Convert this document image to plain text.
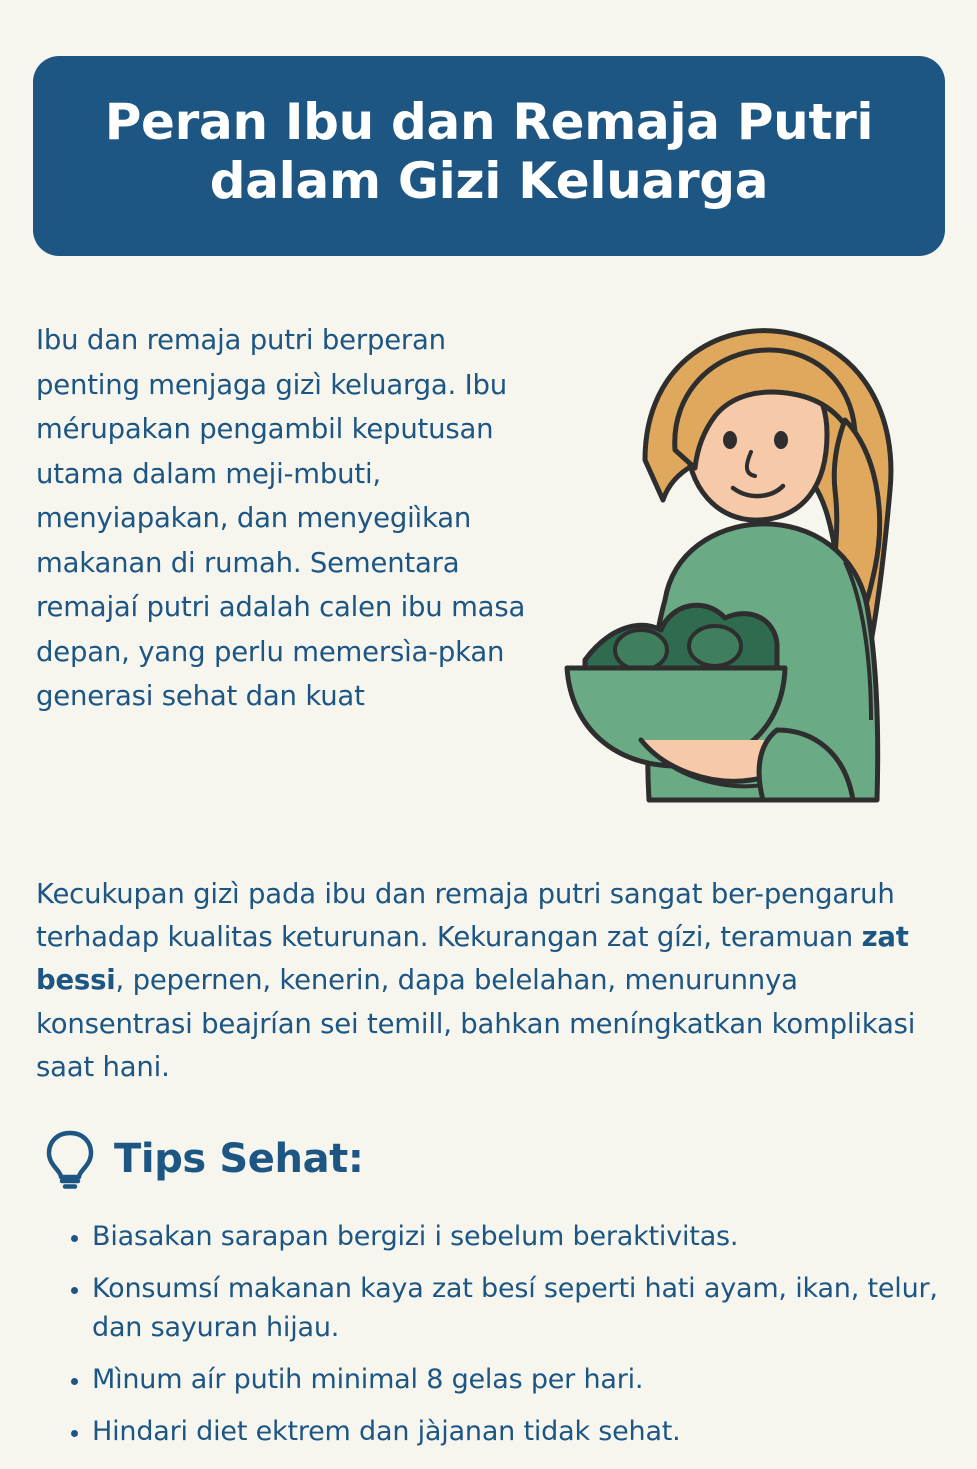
Peran Ibu dan Remaja Putri dalam Gizi Keluarga
Ibu dan remaja putri berperan penting menjaga gizì keluarga. Ibu mérupakan pengambil keputusan utama dalam meji-mbuti, menyiapakan, dan menyegiìkan makanan di rumah. Sementara remajaí putri adalah calen ibu masa depan, yang perlu memersìa-pkan generasi sehat dan kuat

Kecukupan gizì pada ibu dan remaja putri sangat ber-pengaruh terhadap kualitas keturunan. Kekurangan zat gízi, teramuan zat bessi, pepernen, kenerin, dapa belelahan, menurunnya konsentrasi beajrían sei temill, bahkan meníngkatkan komplikasi saat hani.

Tips Sehat:
• Biasakan sarapan bergizi i sebelum beraktivitas.
• Konsumsí makanan kaya zat besí seperti hati ayam, ikan, telur, dan sayuran hijau.
• Mìnum aír putih minimal 8 gelas per hari.
• Hindari diet ektrem dan jàjanan tidak sehat.
